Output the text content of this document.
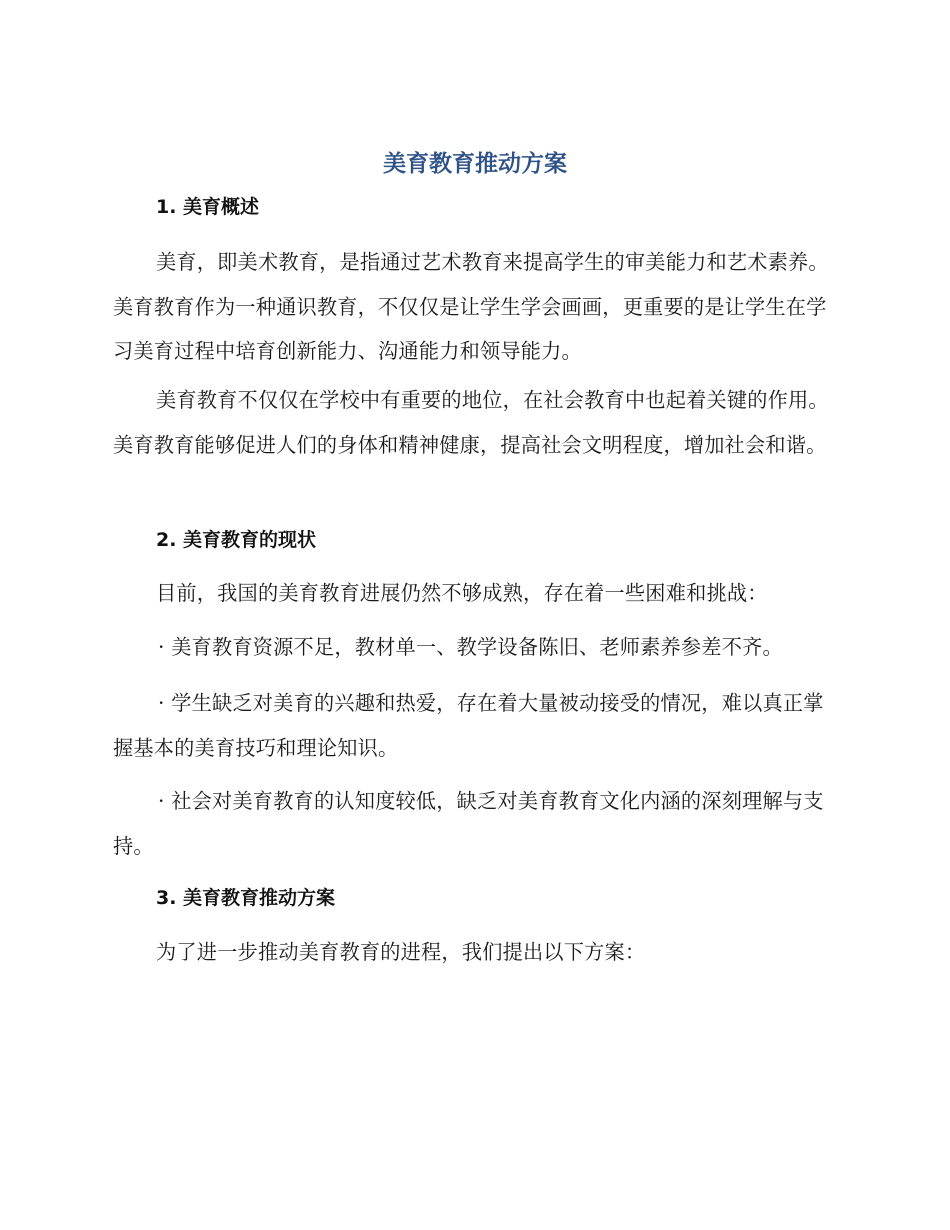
美育教育推动方案
1. 美育概述

美育，即美术教育，是指通过艺术教育来提高学生的审美能力和艺术素养。美育教育作为一种通识教育，不仅仅是让学生学会画画，更重要的是让学生在学习美育过程中培育创新能力、沟通能力和领导能力。

美育教育不仅仅在学校中有重要的地位，在社会教育中也起着关键的作用。美育教育能够促进人们的身体和精神健康，提高社会文明程度，增加社会和谐。

2. 美育教育的现状

目前，我国的美育教育进展仍然不够成熟，存在着一些困难和挑战：

· 美育教育资源不足，教材单一、教学设备陈旧、老师素养参差不齐。

· 学生缺乏对美育的兴趣和热爱，存在着大量被动接受的情况，难以真正掌握基本的美育技巧和理论知识。

· 社会对美育教育的认知度较低，缺乏对美育教育文化内涵的深刻理解与支持。

3. 美育教育推动方案

为了进一步推动美育教育的进程，我们提出以下方案：
